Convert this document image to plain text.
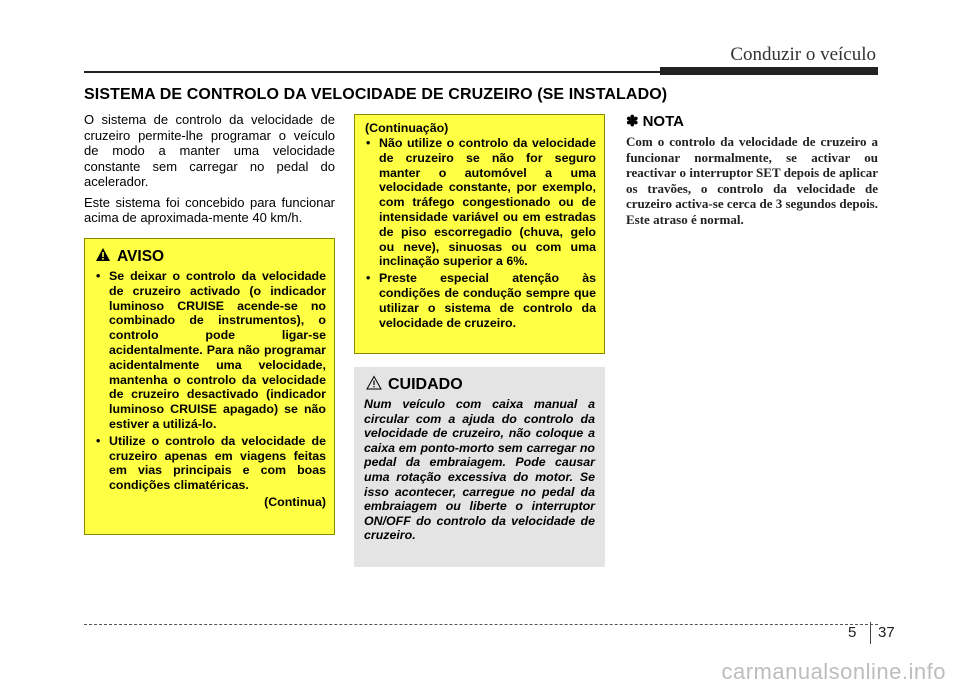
Conduzir o veículo
SISTEMA DE CONTROLO DA VELOCIDADE DE CRUZEIRO (SE INSTALADO)

O sistema de controlo da velocidade de cruzeiro permite-lhe programar o veículo de modo a manter uma velocidade constante sem carregar no pedal do acelerador.

Este sistema foi concebido para funcionar acima de aproximada-mente 40 km/h.

AVISO
• Se deixar o controlo da velocidade de cruzeiro activado (o indicador luminoso CRUISE acende-se no combinado de instrumentos), o controlo pode ligar-se acidentalmente. Para não programar acidentalmente uma velocidade, mantenha o controlo da velocidade de cruzeiro desactivado (indicador luminoso CRUISE apagado) se não estiver a utilizá-lo.
• Utilize o controlo da velocidade de cruzeiro apenas em viagens feitas em vias principais e com boas condições climatéricas.
(Continua)
(Continuação)
• Não utilize o controlo da velocidade de cruzeiro se não for seguro manter o automóvel a uma velocidade constante, por exemplo, com tráfego congestionado ou de intensidade variável ou em estradas de piso escorregadio (chuva, gelo ou neve), sinuosas ou com uma inclinação superior a 6%.
• Preste especial atenção às condições de condução sempre que utilizar o sistema de controlo da velocidade de cruzeiro.
CUIDADO
Num veículo com caixa manual a circular com a ajuda do controlo da velocidade de cruzeiro, não coloque a caixa em ponto-morto sem carregar no pedal da embraiagem. Pode causar uma rotação excessiva do motor. Se isso acontecer, carregue no pedal da embraiagem ou liberte o interruptor ON/OFF do controlo da velocidade de cruzeiro.
✽ NOTA
Com o controlo da velocidade de cruzeiro a funcionar normalmente, se activar ou reactivar o interruptor SET depois de aplicar os travões, o controlo da velocidade de cruzeiro activa-se cerca de 3 segundos depois. Este atraso é normal.
5 37
carmanualsonline.info
